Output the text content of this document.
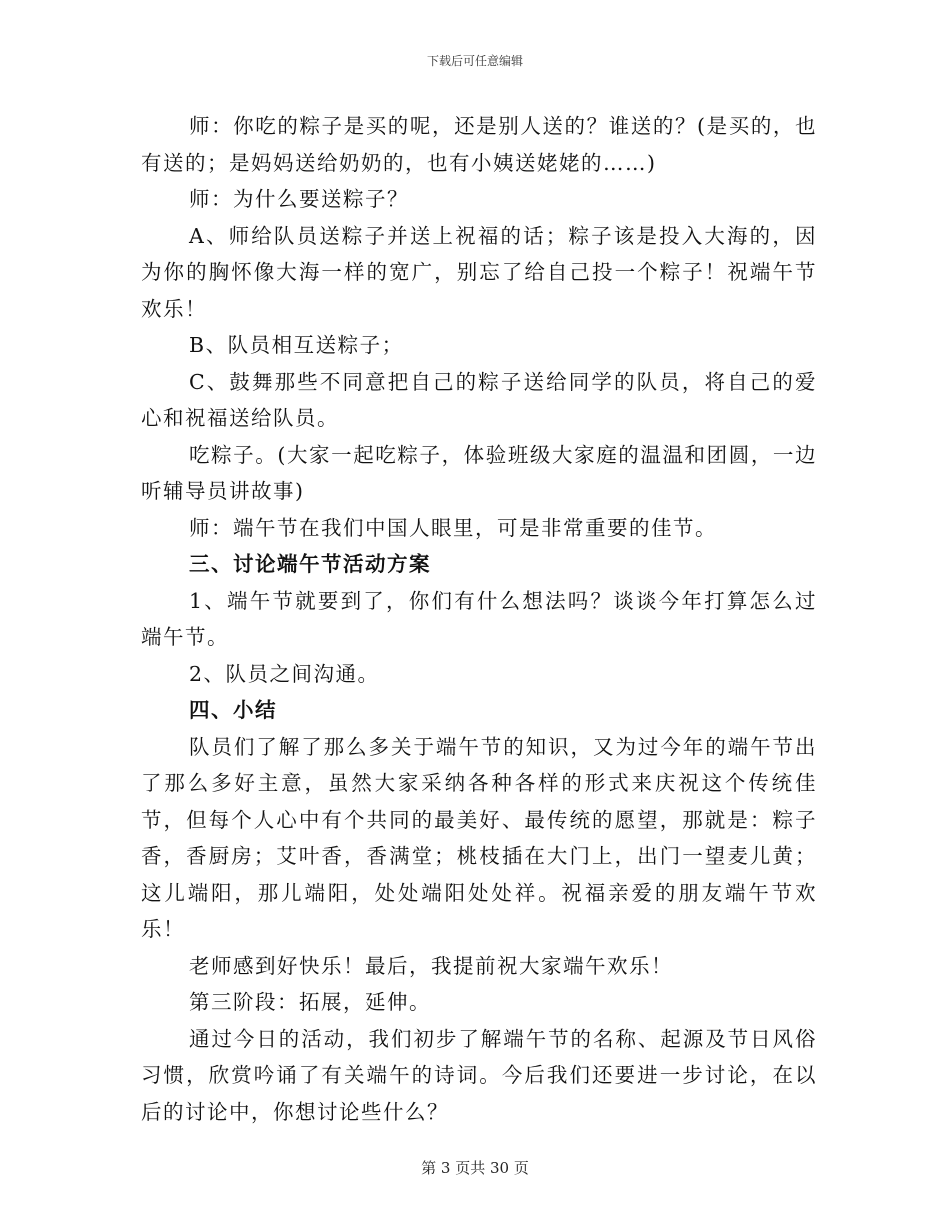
下载后可任意编辑

师：你吃的粽子是买的呢，还是别人送的？谁送的？(是买的，也有送的；是妈妈送给奶奶的，也有小姨送姥姥的……)

师：为什么要送粽子？

A、师给队员送粽子并送上祝福的话；粽子该是投入大海的，因为你的胸怀像大海一样的宽广，别忘了给自己投一个粽子！祝端午节欢乐！

B、队员相互送粽子；

C、鼓舞那些不同意把自己的粽子送给同学的队员，将自己的爱心和祝福送给队员。

吃粽子。(大家一起吃粽子，体验班级大家庭的温温和团圆，一边听辅导员讲故事)

师：端午节在我们中国人眼里，可是非常重要的佳节。

三、讨论端午节活动方案

1、端午节就要到了，你们有什么想法吗？谈谈今年打算怎么过端午节。

2、队员之间沟通。

四、小结

队员们了解了那么多关于端午节的知识，又为过今年的端午节出了那么多好主意，虽然大家采纳各种各样的形式来庆祝这个传统佳节，但每个人心中有个共同的最美好、最传统的愿望，那就是：粽子香，香厨房；艾叶香，香满堂；桃枝插在大门上，出门一望麦儿黄；这儿端阳，那儿端阳，处处端阳处处祥。祝福亲爱的朋友端午节欢乐！

老师感到好快乐！最后，我提前祝大家端午欢乐！

第三阶段：拓展，延伸。

通过今日的活动，我们初步了解端午节的名称、起源及节日风俗习惯，欣赏吟诵了有关端午的诗词。今后我们还要进一步讨论，在以后的讨论中，你想讨论些什么？

第 3 页共 30 页
